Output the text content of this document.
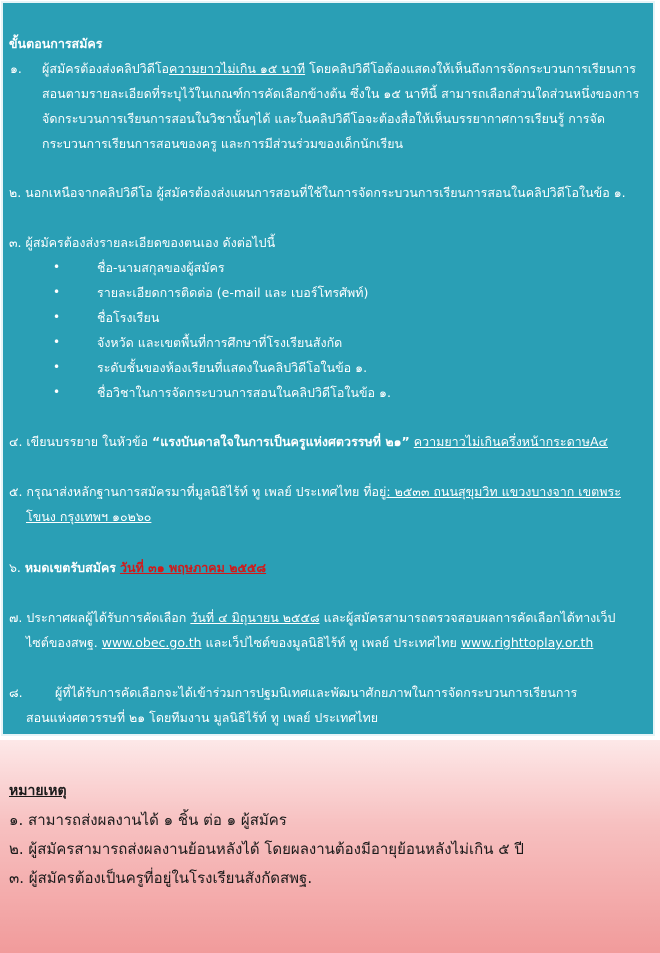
ขั้นตอนการสมัคร
๑. ผู้สมัครต้องส่งคลิปวิดีโอความยาวไม่เกิน ๑๕ นาที โดยคลิปวิดีโอต้องแสดงให้เห็นถึงการจัดกระบวนการเรียนการ
สอนตามรายละเอียดที่ระบุไว้ในเกณฑ์การคัดเลือกข้างต้น ซึ่งใน ๑๕ นาทีนี้ สามารถเลือกส่วนใดส่วนหนึ่งของการ
จัดกระบวนการเรียนการสอนในวิชานั้นๆได้ และในคลิปวิดีโอจะต้องสื่อให้เห็นบรรยากาศการเรียนรู้ การจัด
กระบวนการเรียนการสอนของครู และการมีส่วนร่วมของเด็กนักเรียน
๒. นอกเหนือจากคลิปวิดีโอ ผู้สมัครต้องส่งแผนการสอนที่ใช้ในการจัดกระบวนการเรียนการสอนในคลิปวิดีโอในข้อ ๑.
๓. ผู้สมัครต้องส่งรายละเอียดของตนเอง ดังต่อไปนี้
•	ชื่อ-นามสกุลของผู้สมัคร
•	รายละเอียดการติดต่อ (e-mail และ เบอร์โทรศัพท์)
•	ชื่อโรงเรียน
•	จังหวัด และเขตพื้นที่การศึกษาที่โรงเรียนสังกัด
•	ระดับชั้นของห้องเรียนที่แสดงในคลิปวิดีโอในข้อ ๑.
•	ชื่อวิชาในการจัดกระบวนการสอนในคลิปวิดีโอในข้อ ๑.
๔. เขียนบรรยาย ในหัวข้อ “แรงบันดาลใจในการเป็นครูแห่งศตวรรษที่ ๒๑” ความยาวไม่เกินครึ่งหน้ากระดาษA๔
๕. กรุณาส่งหลักฐานการสมัครมาที่มูลนิธิไร้ท์ ทู เพลย์ ประเทศไทย ที่อยู่: ๒๕๓๓ ถนนสุขุมวิท แขวงบางจาก เขตพระ
โขนง กรุงเทพฯ ๑๐๒๖๐
๖. หมดเขตรับสมัคร วันที่ ๓๑ พฤษภาคม ๒๕๕๘
๗. ประกาศผลผู้ได้รับการคัดเลือก วันที่ ๔ มิถุนายน ๒๕๕๘ และผู้สมัครสามารถตรวจสอบผลการคัดเลือกได้ทางเว็ป
ไซต์ของสพฐ. www.obec.go.th และเว็ปไซต์ของมูลนิธิไร้ท์ ทู เพลย์ ประเทศไทย www.righttoplay.or.th
๘.	ผู้ที่ได้รับการคัดเลือกจะได้เข้าร่วมการปฐมนิเทศและพัฒนาศักยภาพในการจัดกระบวนการเรียนการ
สอนแห่งศตวรรษที่ ๒๑ โดยทีมงาน มูลนิธิไร้ท์ ทู เพลย์ ประเทศไทย
หมายเหตุ
๑. สามารถส่งผลงานได้ ๑ ชิ้น ต่อ ๑ ผู้สมัคร
๒. ผู้สมัครสามารถส่งผลงานย้อนหลังได้ โดยผลงานต้องมีอายุย้อนหลังไม่เกิน ๕ ปี
๓. ผู้สมัครต้องเป็นครูที่อยู่ในโรงเรียนสังกัดสพฐ.
